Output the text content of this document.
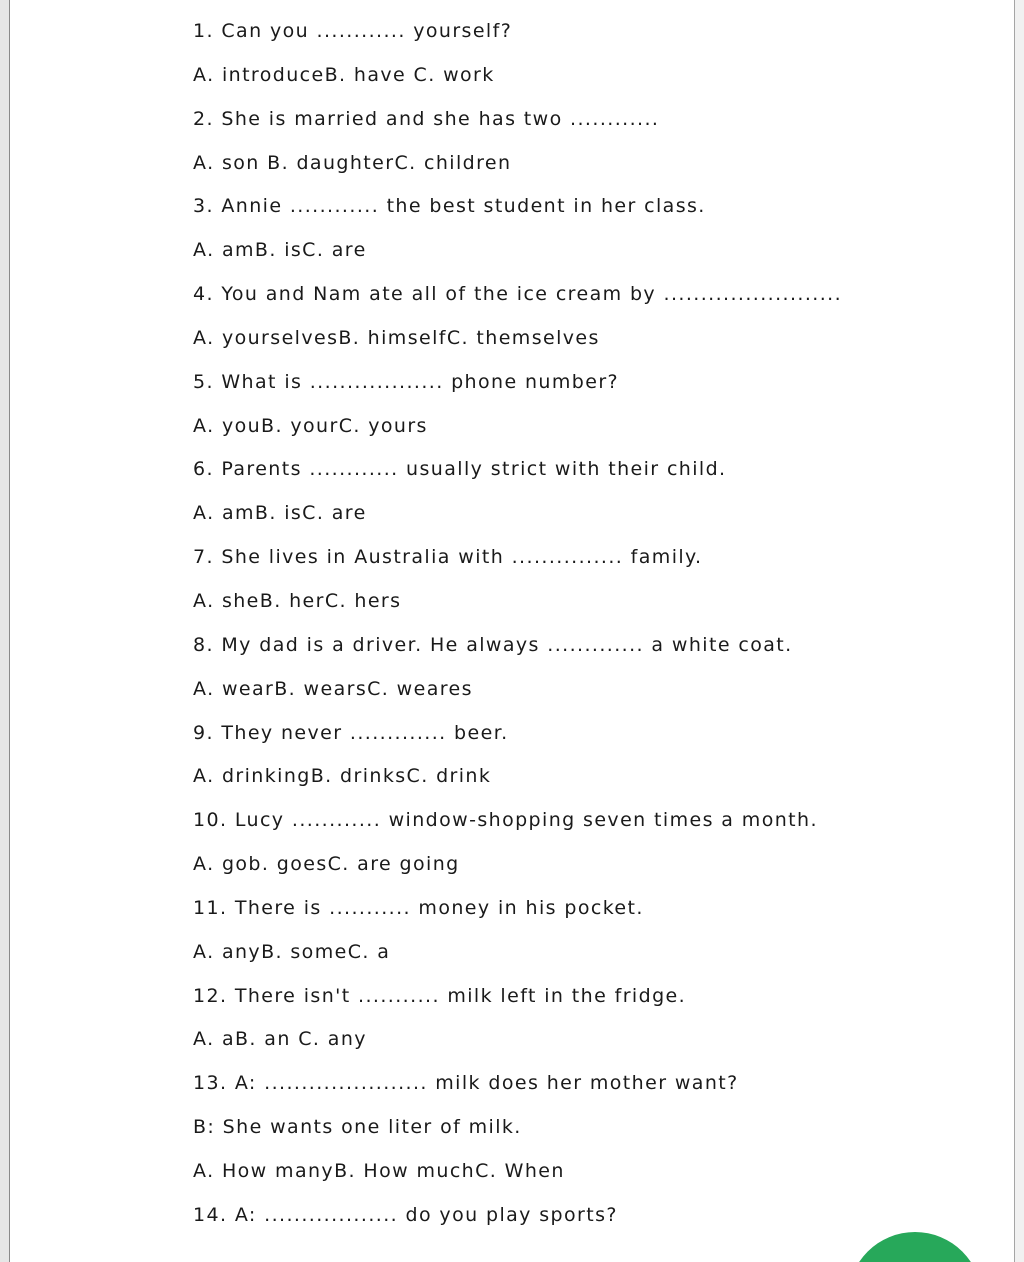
1. Can you ............ yourself?
A. introduceB. have C. work
2. She is married and she has two ............
A. son B. daughterC. children
3. Annie ............ the best student in her class.
A. amB. isC. are
4. You and Nam ate all of the ice cream by ........................
A. yourselvesB. himselfC. themselves
5. What is .................. phone number?
A. youB. yourC. yours
6. Parents ............ usually strict with their child.
A. amB. isC. are
7. She lives in Australia with ............... family.
A. sheB. herC. hers
8. My dad is a driver. He always ............. a white coat.
A. wearB. wearsC. weares
9. They never ............. beer.
A. drinkingB. drinksC. drink
10. Lucy ............ window-shopping seven times a month.
A. gob. goesC. are going
11. There is ........... money in his pocket.
A. anyB. someC. a
12. There isn't ........... milk left in the fridge.
A. aB. an C. any
13. A: ...................... milk does her mother want?
B: She wants one liter of milk.
A. How manyB. How muchC. When
14. A: .................. do you play sports?
